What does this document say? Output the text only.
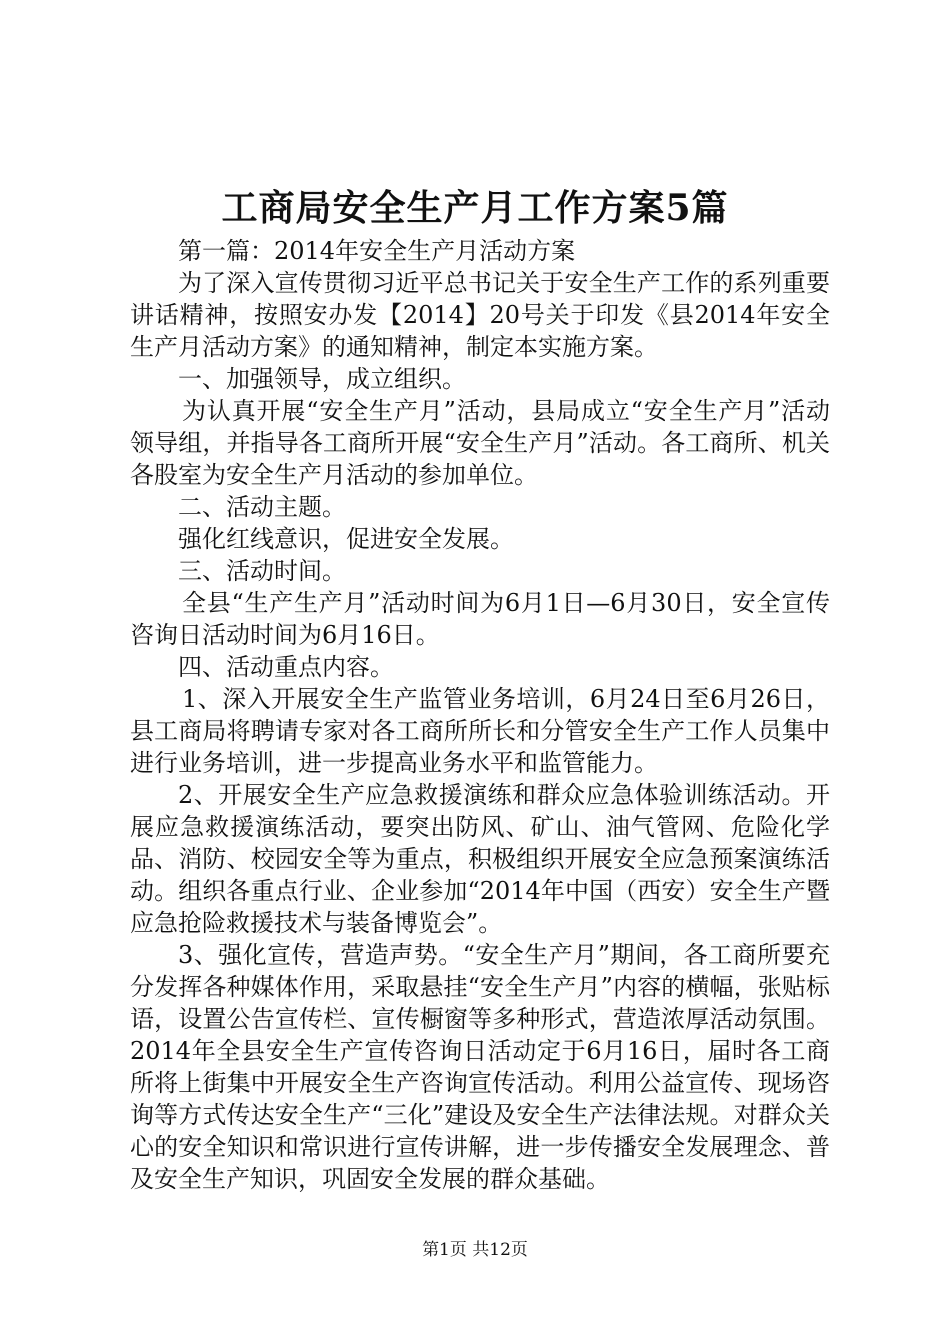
工商局安全生产月工作方案5篇

第一篇：2014年安全生产月活动方案

为了深入宣传贯彻习近平总书记关于安全生产工作的系列重要讲话精神，按照安办发【2014】20号关于印发《县2014年安全生产月活动方案》的通知精神，制定本实施方案。

一、加强领导，成立组织。

为认真开展“安全生产月”活动，县局成立“安全生产月”活动领导组，并指导各工商所开展“安全生产月”活动。各工商所、机关各股室为安全生产月活动的参加单位。

二、活动主题。

强化红线意识，促进安全发展。

三、活动时间。

全县“生产生产月”活动时间为6月1日—6月30日，安全宣传咨询日活动时间为6月16日。

四、活动重点内容。

1、深入开展安全生产监管业务培训，6月24日至6月26日，县工商局将聘请专家对各工商所所长和分管安全生产工作人员集中进行业务培训，进一步提高业务水平和监管能力。

2、开展安全生产应急救援演练和群众应急体验训练活动。开展应急救援演练活动，要突出防风、矿山、油气管网、危险化学品、消防、校园安全等为重点，积极组织开展安全应急预案演练活动。组织各重点行业、企业参加“2014年中国（西安）安全生产暨应急抢险救援技术与装备博览会”。

3、强化宣传，营造声势。“安全生产月”期间，各工商所要充分发挥各种媒体作用，采取悬挂“安全生产月”内容的横幅，张贴标语，设置公告宣传栏、宣传橱窗等多种形式，营造浓厚活动氛围。2014年全县安全生产宣传咨询日活动定于6月16日，届时各工商所将上街集中开展安全生产咨询宣传活动。利用公益宣传、现场咨询等方式传达安全生产“三化”建设及安全生产法律法规。对群众关心的安全知识和常识进行宣传讲解，进一步传播安全发展理念、普及安全生产知识，巩固安全发展的群众基础。

第1页 共12页
